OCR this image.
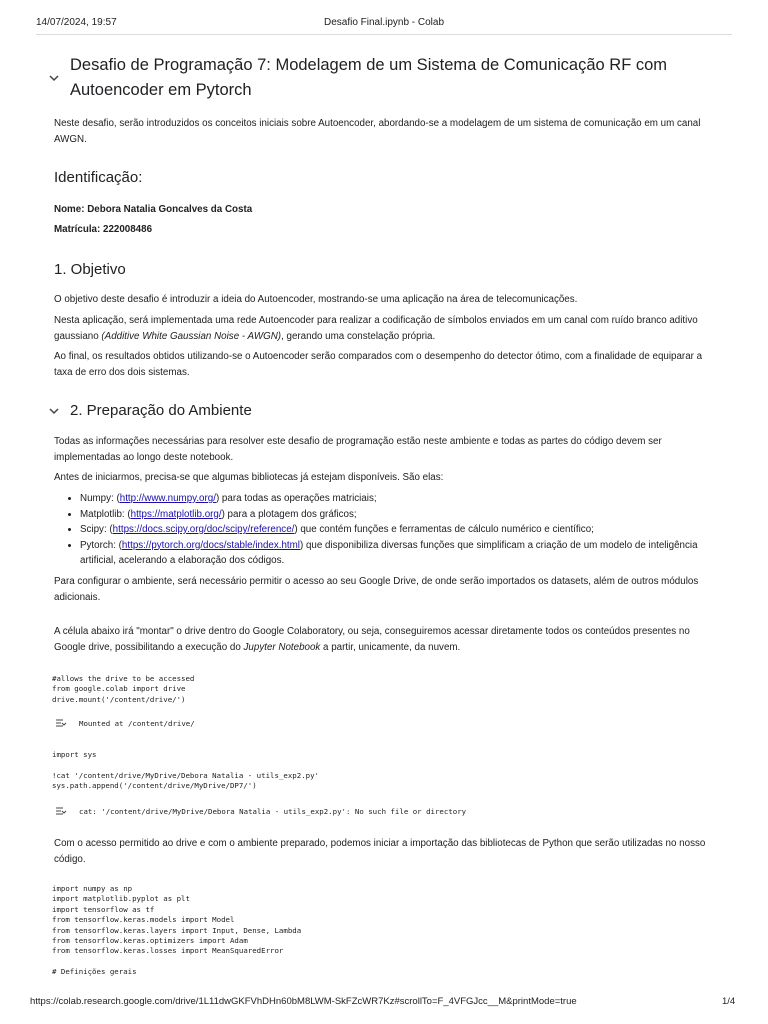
14/07/2024, 19:57	Desafio Final.ipynb - Colab
Desafio de Programação 7: Modelagem de um Sistema de Comunicação RF com Autoencoder em Pytorch
Neste desafio, serão introduzidos os conceitos iniciais sobre Autoencoder, abordando-se a modelagem de um sistema de comunicação em um canal AWGN.
Identificação:
Nome: Debora Natalia Goncalves da Costa
Matrícula: 222008486
1. Objetivo
O objetivo deste desafio é introduzir a ideia do Autoencoder, mostrando-se uma aplicação na área de telecomunicações.
Nesta aplicação, será implementada uma rede Autoencoder para realizar a codificação de símbolos enviados em um canal com ruído branco aditivo gaussiano (Additive White Gaussian Noise - AWGN), gerando uma constelação própria.
Ao final, os resultados obtidos utilizando-se o Autoencoder serão comparados com o desempenho do detector ótimo, com a finalidade de equiparar a taxa de erro dos dois sistemas.
2. Preparação do Ambiente
Todas as informações necessárias para resolver este desafio de programação estão neste ambiente e todas as partes do código devem ser implementadas ao longo deste notebook.
Antes de iniciarmos, precisa-se que algumas bibliotecas já estejam disponíveis. São elas:
• Numpy: (http://www.numpy.org/) para todas as operações matriciais;
• Matplotlib: (https://matplotlib.org/) para a plotagem dos gráficos;
• Scipy: (https://docs.scipy.org/doc/scipy/reference/) que contém funções e ferramentas de cálculo numérico e científico;
• Pytorch: (https://pytorch.org/docs/stable/index.html) que disponibiliza diversas funções que simplificam a criação de um modelo de inteligência artificial, acelerando a elaboração dos códigos.
Para configurar o ambiente, será necessário permitir o acesso ao seu Google Drive, de onde serão importados os datasets, além de outros módulos adicionais.
A célula abaixo irá "montar" o drive dentro do Google Colaboratory, ou seja, conseguiremos acessar diretamente todos os conteúdos presentes no Google drive, possibilitando a execução do Jupyter Notebook a partir, unicamente, da nuvem.
#allows the drive to be accessed
from google.colab import drive
drive.mount('/content/drive/')
Mounted at /content/drive/
import sys

!cat '/content/drive/MyDrive/Debora Natalia - utils_exp2.py'
sys.path.append('/content/drive/MyDrive/DP7/')
cat: '/content/drive/MyDrive/Debora Natalia - utils_exp2.py': No such file or directory
Com o acesso permitido ao drive e com o ambiente preparado, podemos iniciar a importação das bibliotecas de Python que serão utilizadas no nosso código.
import numpy as np
import matplotlib.pyplot as plt
import tensorflow as tf
from tensorflow.keras.models import Model
from tensorflow.keras.layers import Input, Dense, Lambda
from tensorflow.keras.optimizers import Adam
from tensorflow.keras.losses import MeanSquaredError

# Definições gerais
https://colab.research.google.com/drive/1L11dwGKFVhDHn60bM8LWM-SkFZcWR7Kz#scrollTo=F_4VFGJcc__M&printMode=true	1/4
